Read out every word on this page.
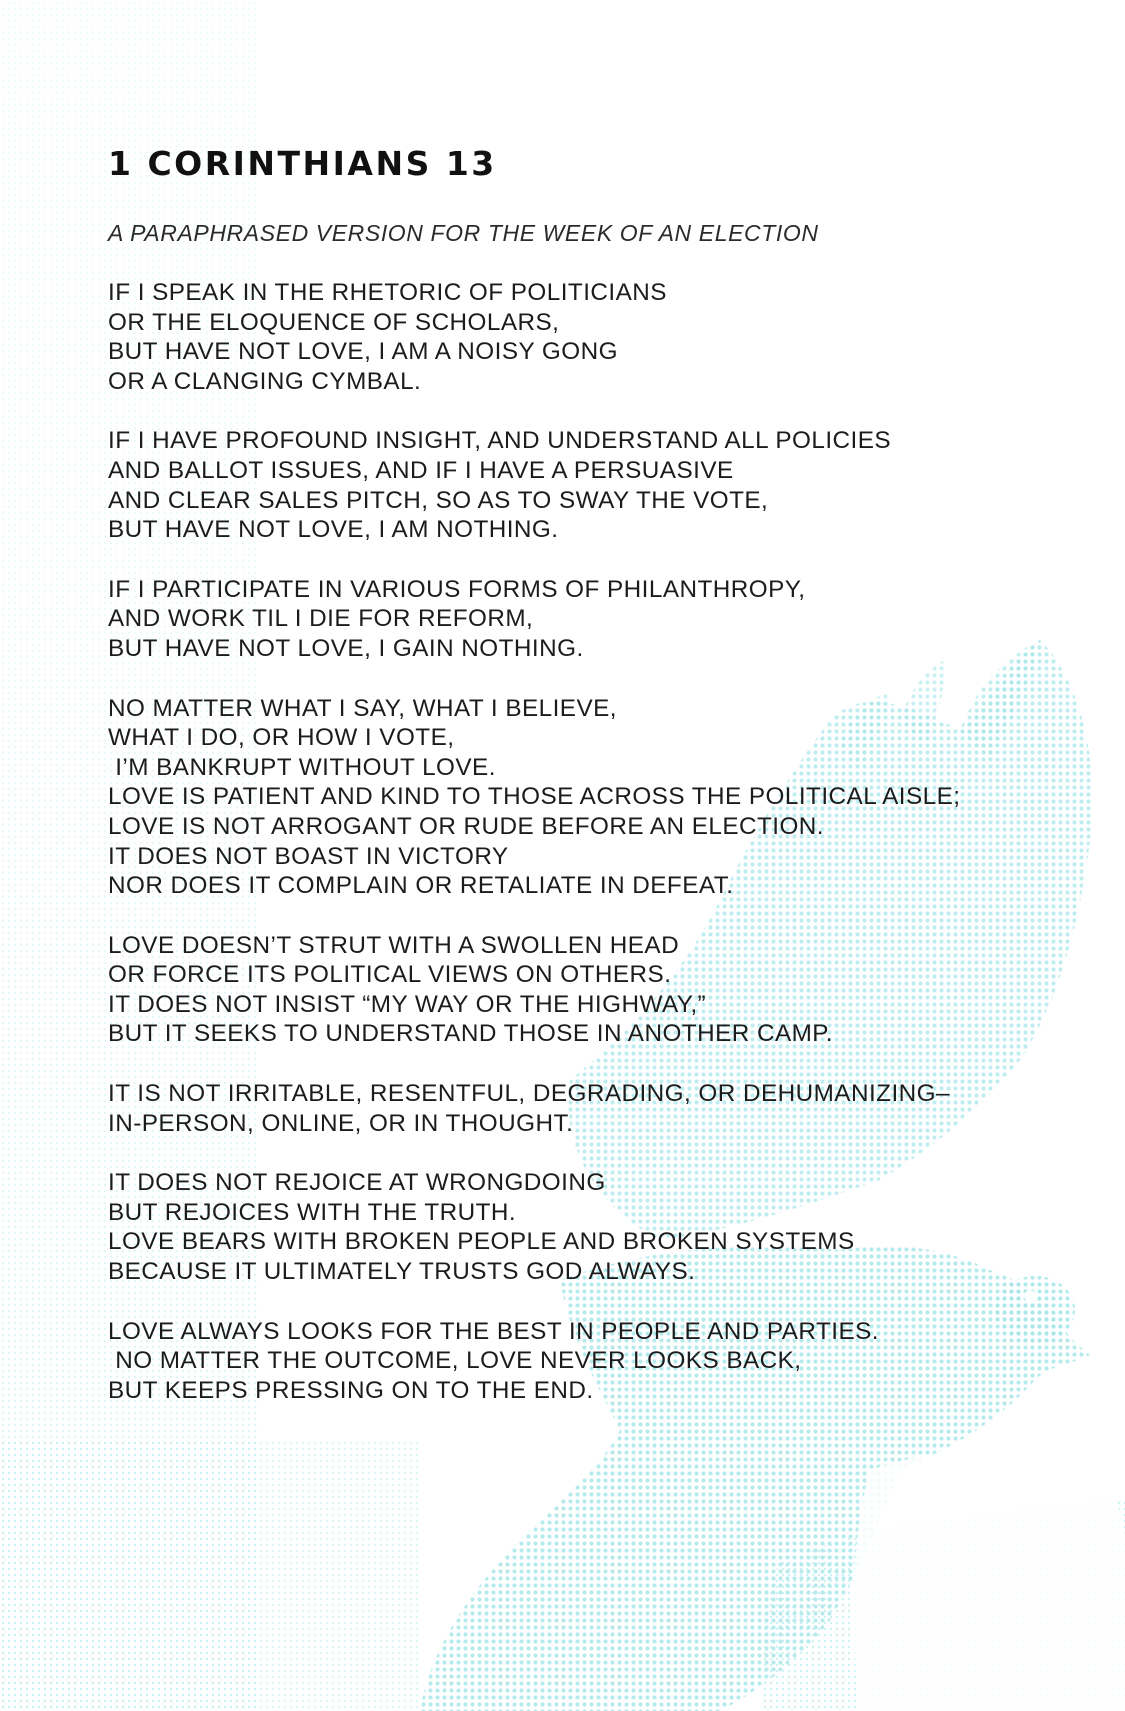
1 CORINTHIANS 13
A PARAPHRASED VERSION FOR THE WEEK OF AN ELECTION
IF I SPEAK IN THE RHETORIC OF POLITICIANS
OR THE ELOQUENCE OF SCHOLARS,
BUT HAVE NOT LOVE, I AM A NOISY GONG
OR A CLANGING CYMBAL.
IF I HAVE PROFOUND INSIGHT, AND UNDERSTAND ALL POLICIES
AND BALLOT ISSUES, AND IF I HAVE A PERSUASIVE
AND CLEAR SALES PITCH, SO AS TO SWAY THE VOTE,
BUT HAVE NOT LOVE, I AM NOTHING.
IF I PARTICIPATE IN VARIOUS FORMS OF PHILANTHROPY,
AND WORK TIL I DIE FOR REFORM,
BUT HAVE NOT LOVE, I GAIN NOTHING.
NO MATTER WHAT I SAY, WHAT I BELIEVE,
WHAT I DO, OR HOW I VOTE,
I’M BANKRUPT WITHOUT LOVE.
LOVE IS PATIENT AND KIND TO THOSE ACROSS THE POLITICAL AISLE;
LOVE IS NOT ARROGANT OR RUDE BEFORE AN ELECTION.
IT DOES NOT BOAST IN VICTORY
NOR DOES IT COMPLAIN OR RETALIATE IN DEFEAT.
LOVE DOESN’T STRUT WITH A SWOLLEN HEAD
OR FORCE ITS POLITICAL VIEWS ON OTHERS.
IT DOES NOT INSIST “MY WAY OR THE HIGHWAY,”
BUT IT SEEKS TO UNDERSTAND THOSE IN ANOTHER CAMP.
IT IS NOT IRRITABLE, RESENTFUL, DEGRADING, OR DEHUMANIZING–
IN-PERSON, ONLINE, OR IN THOUGHT.
IT DOES NOT REJOICE AT WRONGDOING
BUT REJOICES WITH THE TRUTH.
LOVE BEARS WITH BROKEN PEOPLE AND BROKEN SYSTEMS
BECAUSE IT ULTIMATELY TRUSTS GOD ALWAYS.
LOVE ALWAYS LOOKS FOR THE BEST IN PEOPLE AND PARTIES.
NO MATTER THE OUTCOME, LOVE NEVER LOOKS BACK,
BUT KEEPS PRESSING ON TO THE END.
